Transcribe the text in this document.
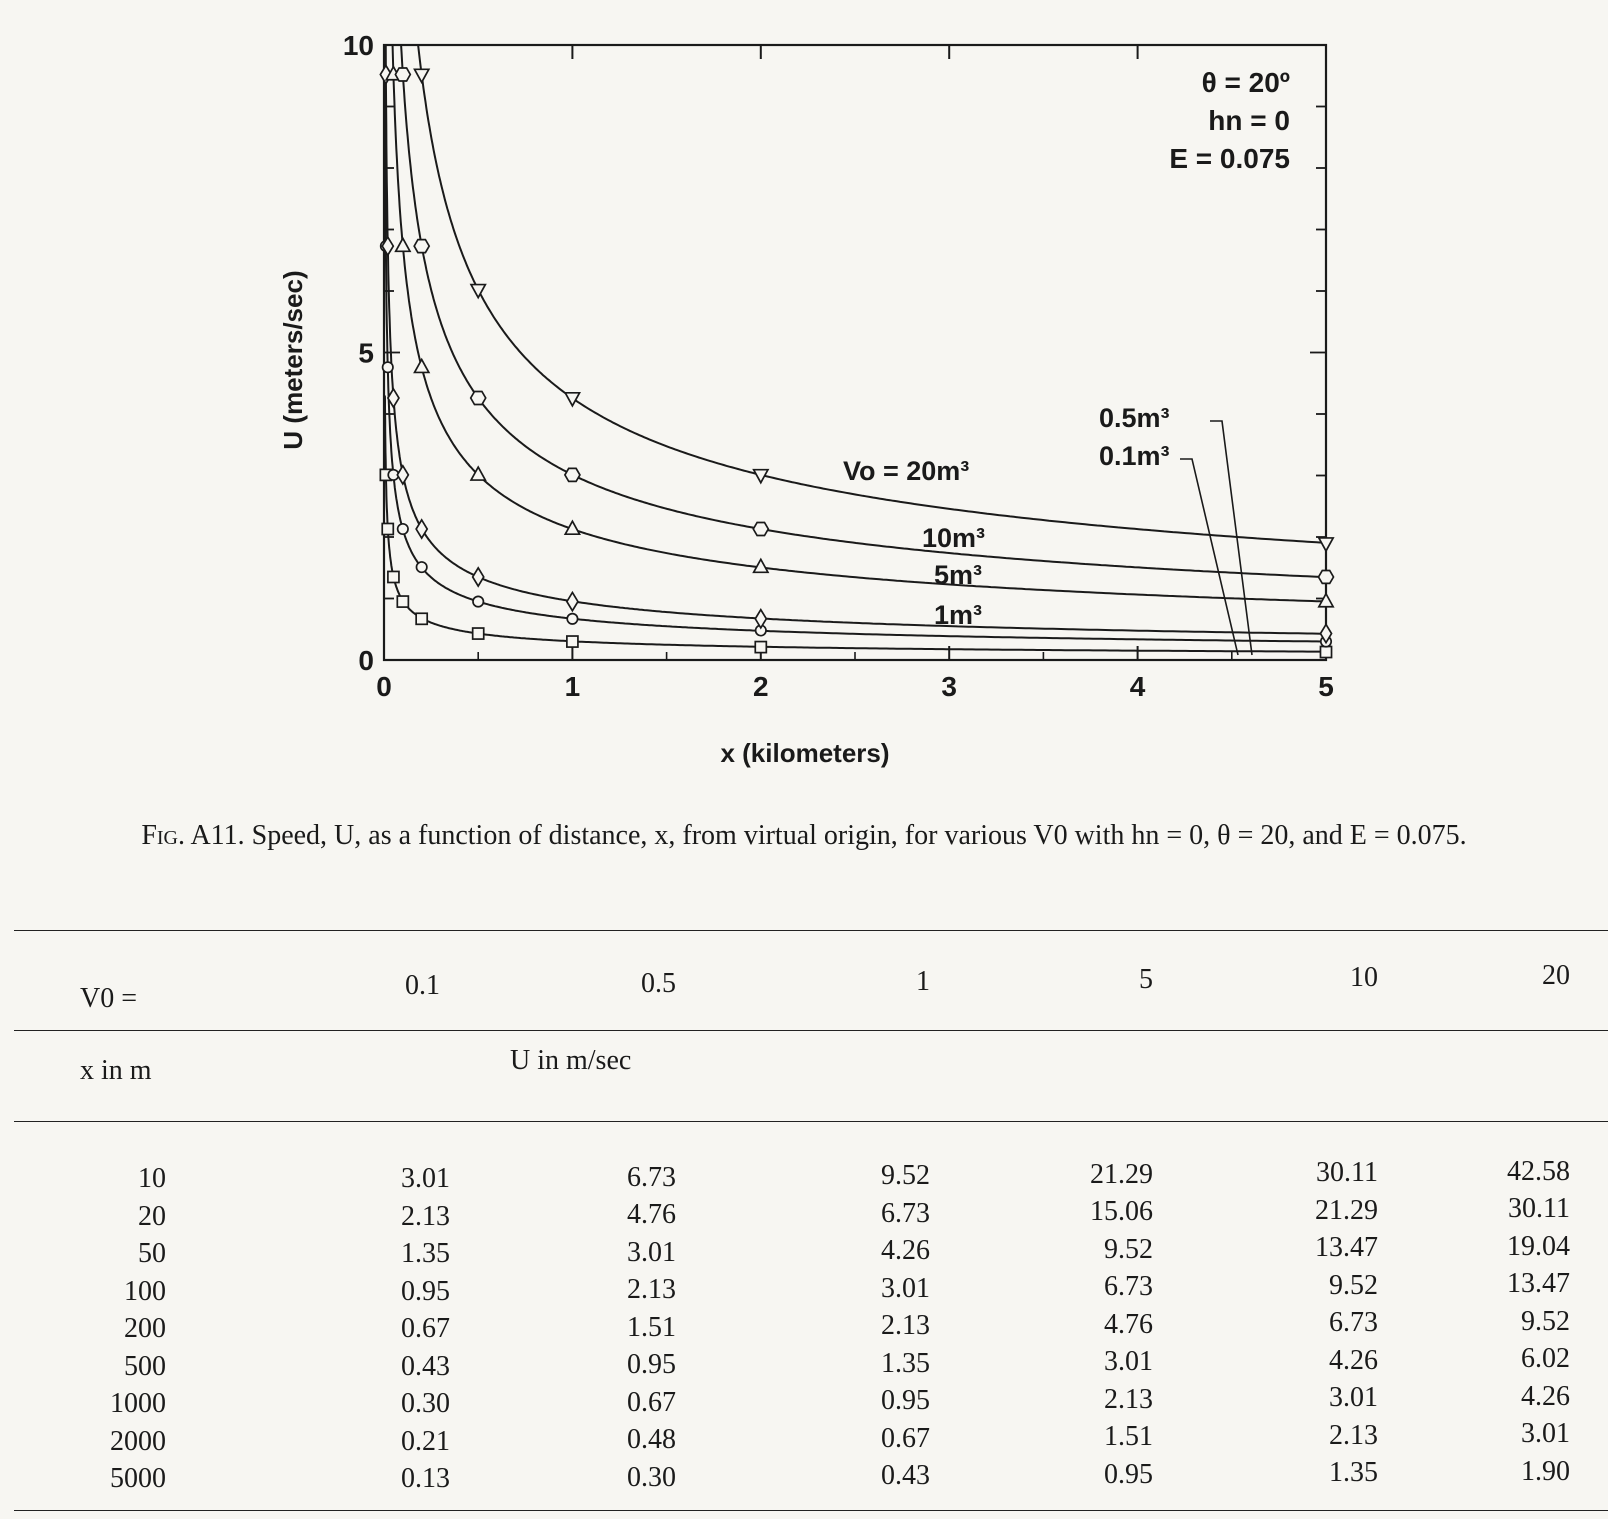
0	1	2	3	4	5
0
5
10
x (kilometers)
U (meters/sec)
θ = 20º
hn = 0
E = 0.075
Vo = 20m³
10m³
5m³
1m³
0.5m³
0.1m³
Fig. A11. Speed, U, as a function of distance, x, from virtual origin, for various V0 with hn = 0, θ = 20, and E = 0.075.
V0 =	0.1	0.5	1	5	10	20
x in m	U in m/sec
10	3.01	6.73	9.52	21.29	30.11	42.58
20	2.13	4.76	6.73	15.06	21.29	30.11
50	1.35	3.01	4.26	9.52	13.47	19.04
100	0.95	2.13	3.01	6.73	9.52	13.47
200	0.67	1.51	2.13	4.76	6.73	9.52
500	0.43	0.95	1.35	3.01	4.26	6.02
1000	0.30	0.67	0.95	2.13	3.01	4.26
2000	0.21	0.48	0.67	1.51	2.13	3.01
5000	0.13	0.30	0.43	0.95	1.35	1.90
